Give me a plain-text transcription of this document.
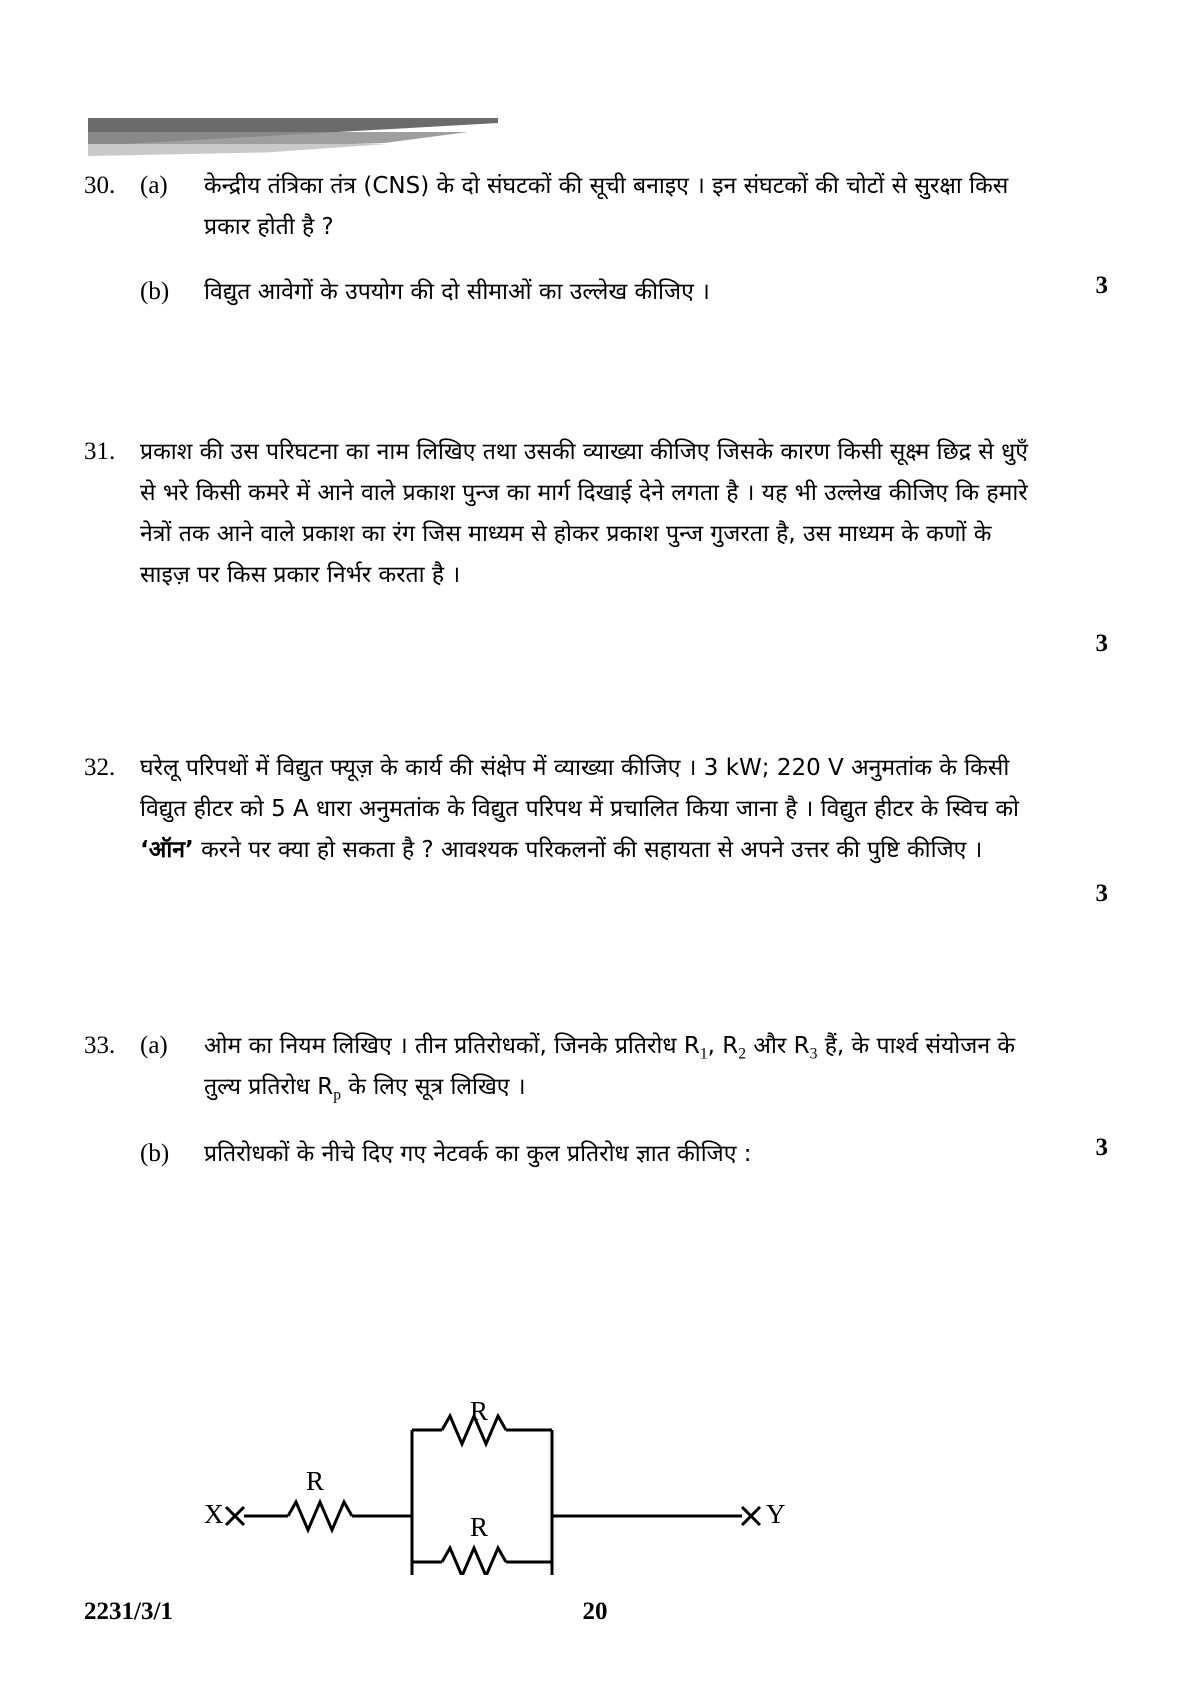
30. (a)	केन्द्रीय तंत्रिका तंत्र (CNS) के दो संघटकों की सूची बनाइए । इन संघटकों की चोटों से सुरक्षा किस प्रकार होती है ?
(b)	विद्युत आवेगों के उपयोग की दो सीमाओं का उल्लेख कीजिए ।	3
31.	प्रकाश की उस परिघटना का नाम लिखिए तथा उसकी व्याख्या कीजिए जिसके कारण किसी सूक्ष्म छिद्र से धुएँ से भरे किसी कमरे में आने वाले प्रकाश पुन्ज का मार्ग दिखाई देने लगता है । यह भी उल्लेख कीजिए कि हमारे नेत्रों तक आने वाले प्रकाश का रंग जिस माध्यम से होकर प्रकाश पुन्ज गुजरता है, उस माध्यम के कणों के साइज़ पर किस प्रकार निर्भर करता है ।
3
32.	घरेलू परिपथों में विद्युत फ्यूज़ के कार्य की संक्षेप में व्याख्या कीजिए । 3 kW; 220 V अनुमतांक के किसी विद्युत हीटर को 5 A धारा अनुमतांक के विद्युत परिपथ में प्रचालित किया जाना है । विद्युत हीटर के स्विच को ‘ऑन’ करने पर क्या हो सकता है ? आवश्यक परिकलनों की सहायता से अपने उत्तर की पुष्टि कीजिए ।
3
33. (a)	ओम का नियम लिखिए । तीन प्रतिरोधकों, जिनके प्रतिरोध $R_1$, $R_2$ और $R_3$ हैं, के पार्श्व संयोजन के तुल्य प्रतिरोध $R_p$ के लिए सूत्र लिखिए ।
(b)	प्रतिरोधकों के नीचे दिए गए नेटवर्क का कुल प्रतिरोध ज्ञात कीजिए :	3
X	Y
R
R
R
2231/3/1	20
